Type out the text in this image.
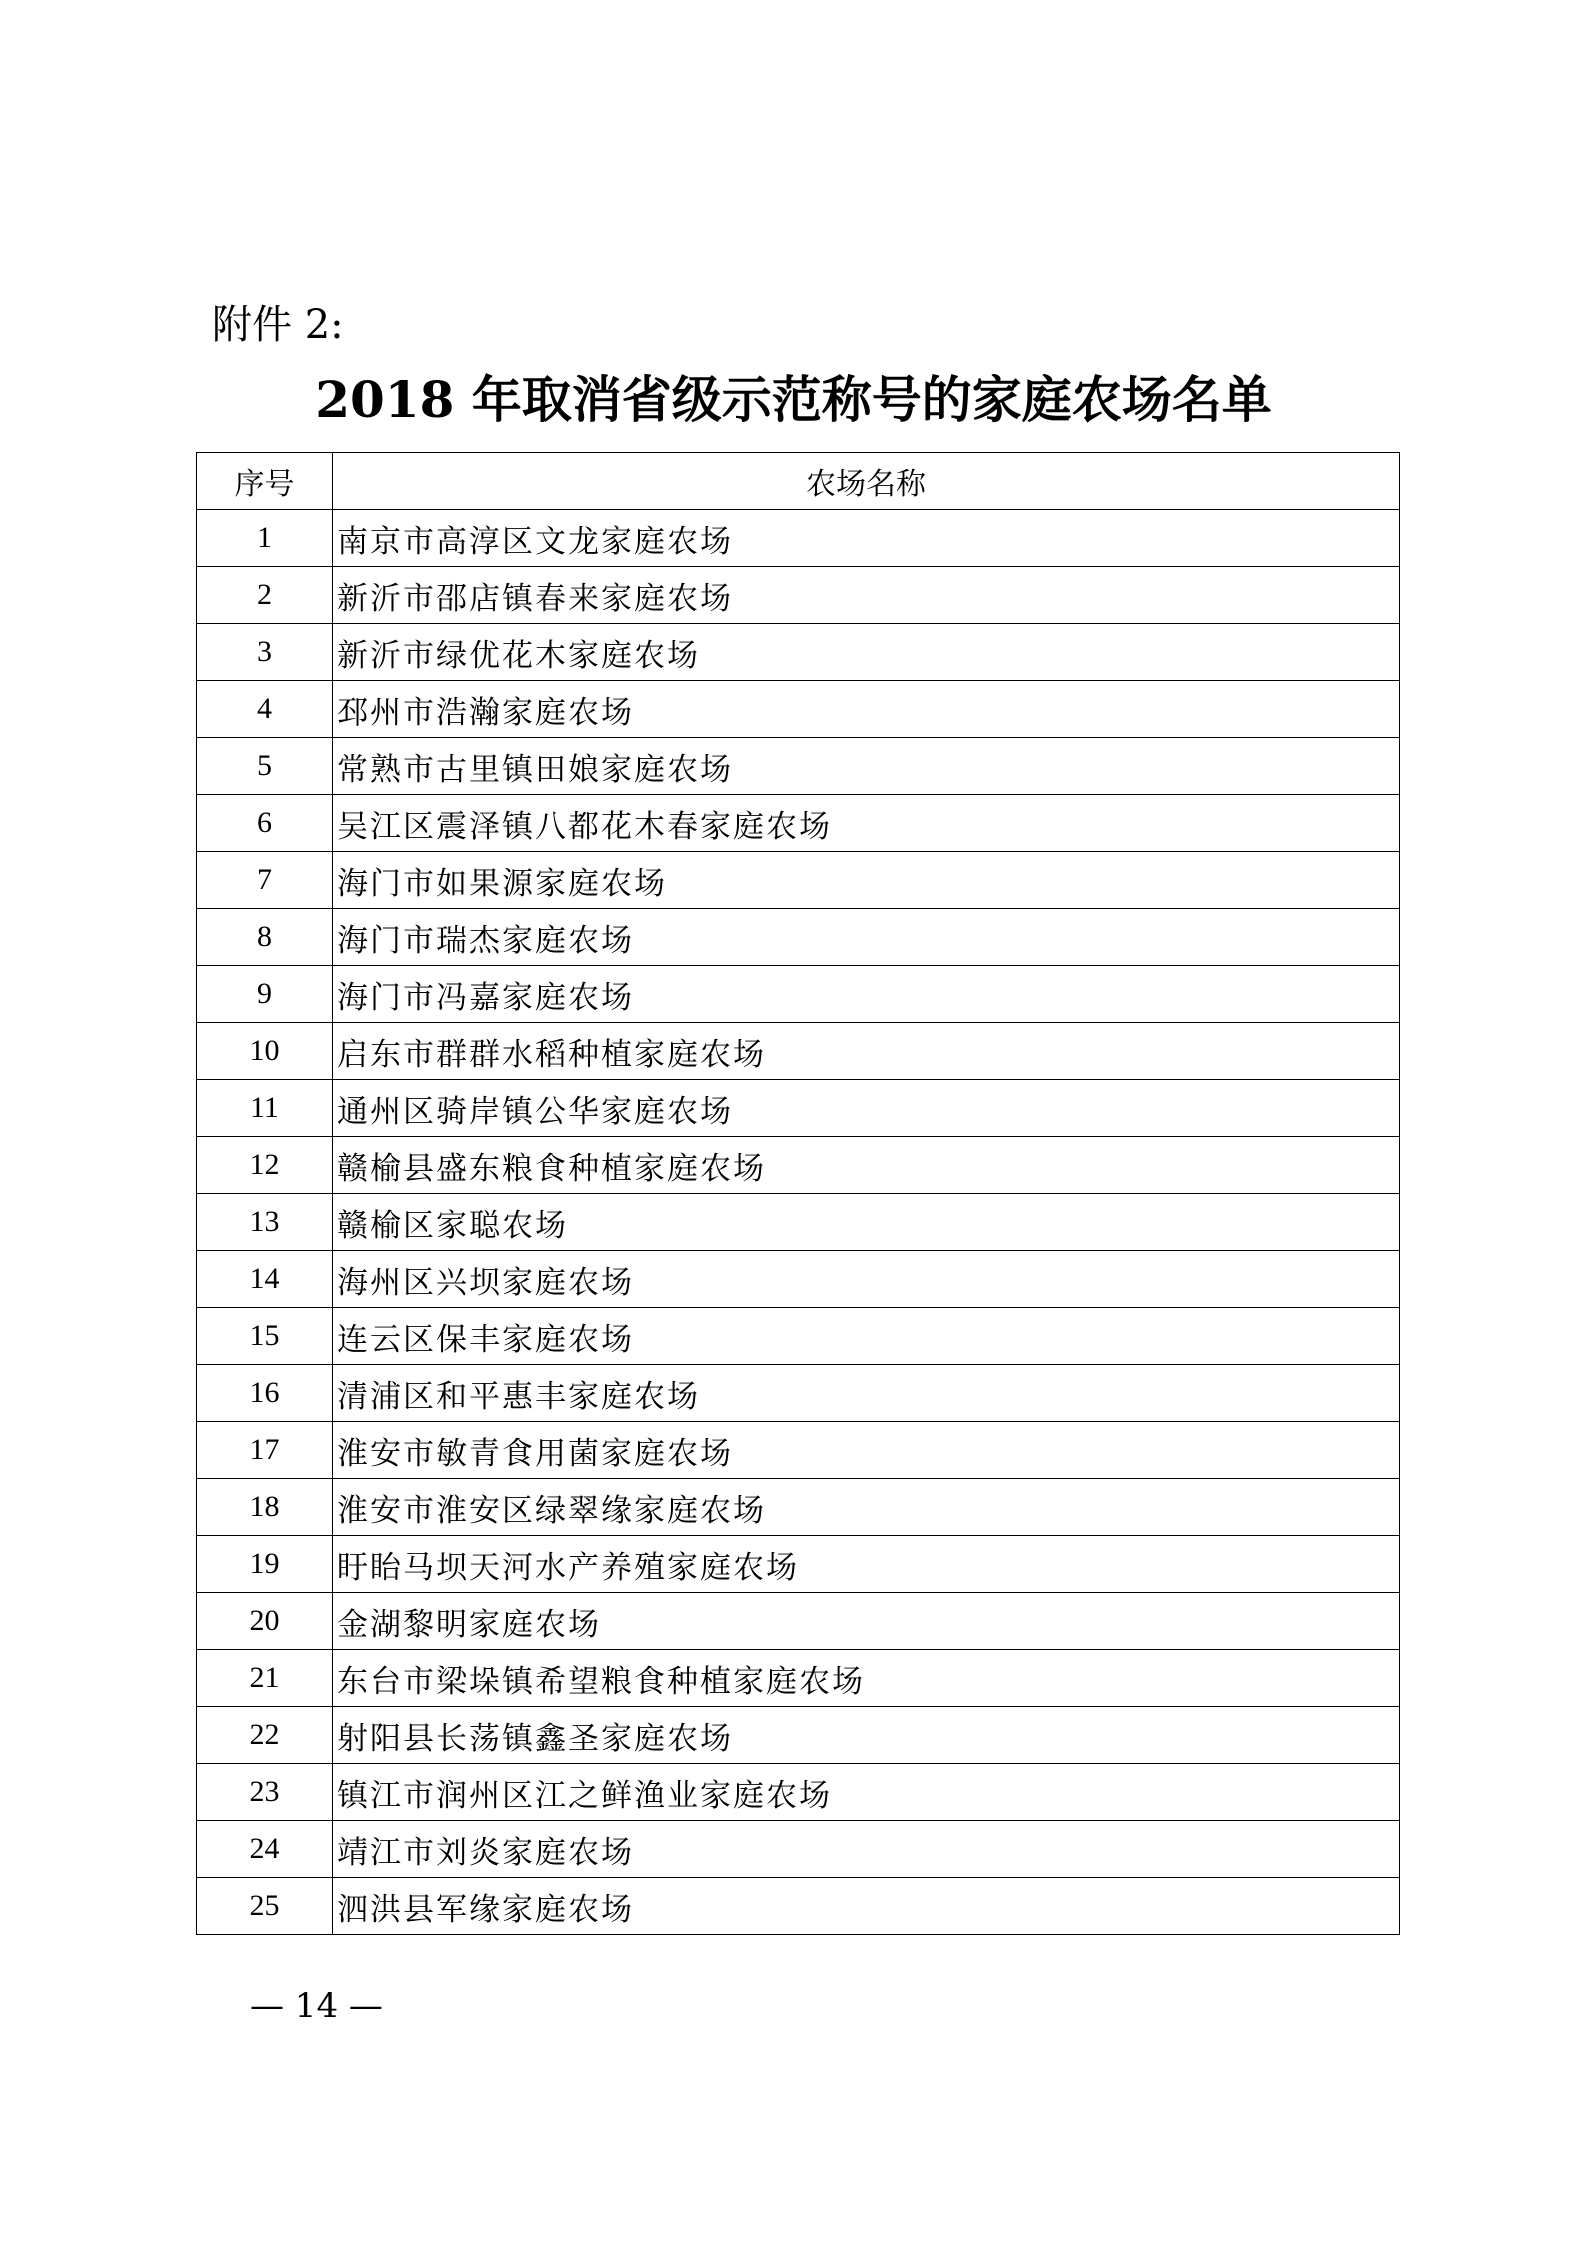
附件 2:
2018 年取消省级示范称号的家庭农场名单
序号	农场名称
1	南京市高淳区文龙家庭农场
2	新沂市邵店镇春来家庭农场
3	新沂市绿优花木家庭农场
4	邳州市浩瀚家庭农场
5	常熟市古里镇田娘家庭农场
6	吴江区震泽镇八都花木春家庭农场
7	海门市如果源家庭农场
8	海门市瑞杰家庭农场
9	海门市冯嘉家庭农场
10	启东市群群水稻种植家庭农场
11	通州区骑岸镇公华家庭农场
12	赣榆县盛东粮食种植家庭农场
13	赣榆区家聪农场
14	海州区兴坝家庭农场
15	连云区保丰家庭农场
16	清浦区和平惠丰家庭农场
17	淮安市敏青食用菌家庭农场
18	淮安市淮安区绿翠缘家庭农场
19	盱眙马坝天河水产养殖家庭农场
20	金湖黎明家庭农场
21	东台市梁垛镇希望粮食种植家庭农场
22	射阳县长荡镇鑫圣家庭农场
23	镇江市润州区江之鲜渔业家庭农场
24	靖江市刘炎家庭农场
25	泗洪县军缘家庭农场
— 14 —
